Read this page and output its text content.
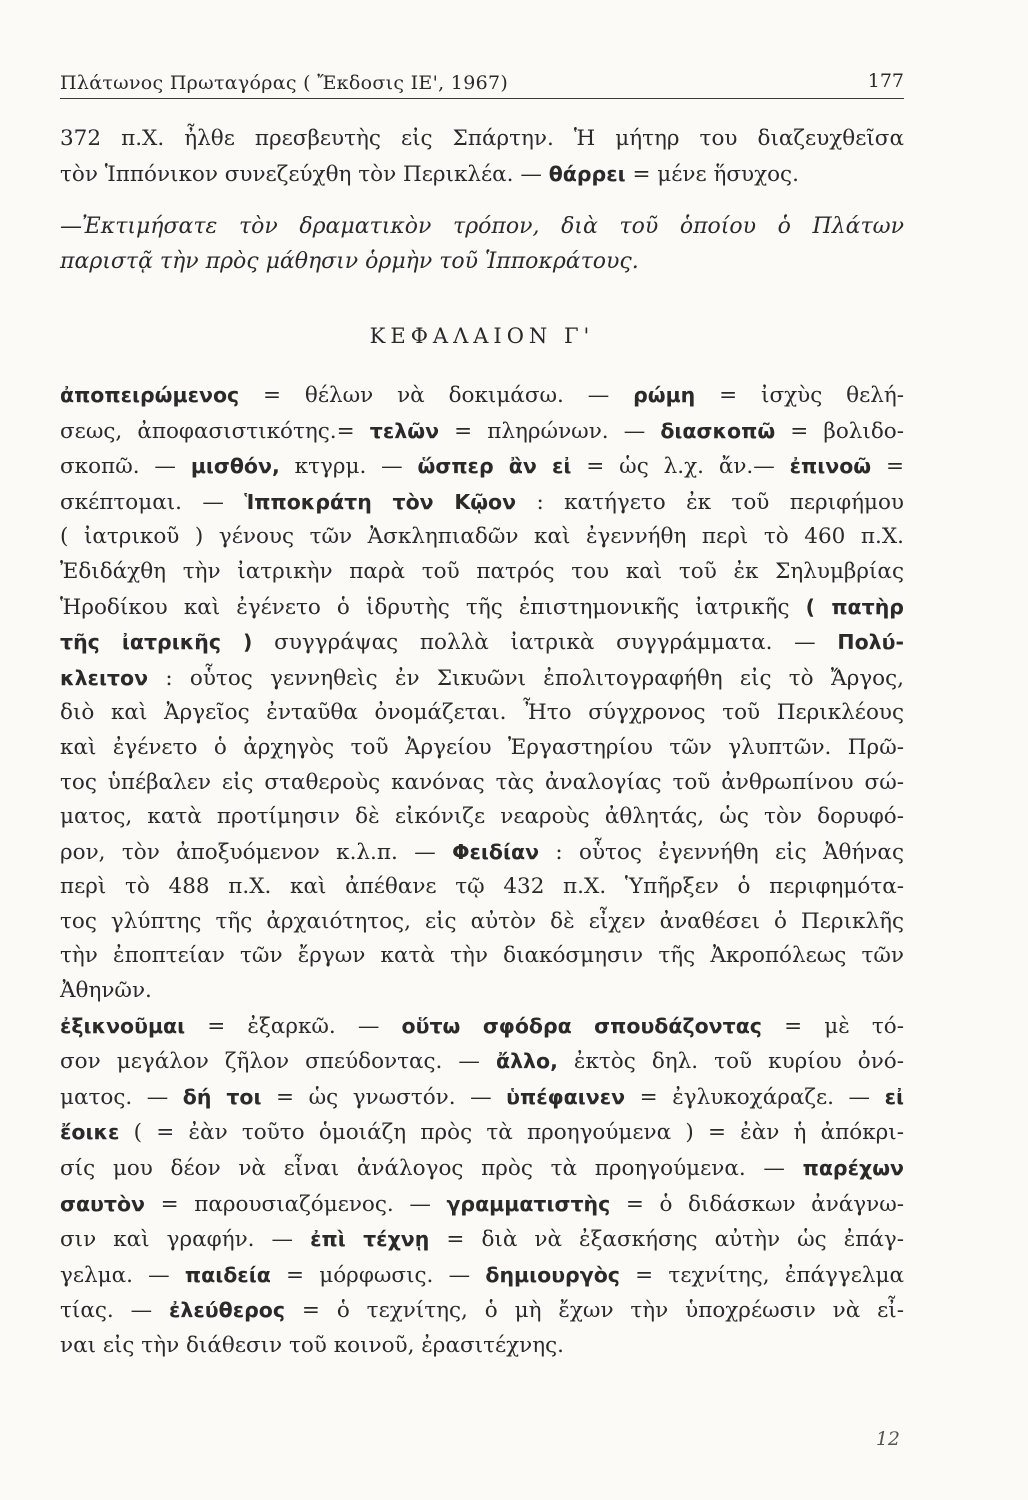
Πλάτωνος Πρωταγόρας ( Ἔκδοσις ΙΕ', 1967)	177

372 π.Χ. ἦλθε πρεσβευτὴς εἰς Σπάρτην. Ἡ μήτηρ του διαζευχθεῖσα

τὸν Ἱππόνικον συνεζεύχθη τὸν Περικλέα. — θάρρει = μένε ἥσυχος.

—Ἐκτιμήσατε τὸν δραματικὸν τρόπον, διὰ τοῦ ὁποίου ὁ Πλάτων

παριστᾷ τὴν πρὸς μάθησιν ὁρμὴν τοῦ Ἱπποκράτους.

ΚΕΦΑΛΑΙΟΝ Γ'

ἀποπειρώμενος = θέλων νὰ δοκιμάσω. — ρώμη = ἰσχὺς θελή-

σεως, ἀποφασιστικότης.= τελῶν = πληρώνων. — διασκοπῶ = βολιδο-

σκοπῶ. — μισθόν, κτγρμ. — ὥσπερ ἂν εἰ = ὡς λ.χ. ἄν.— ἐπινοῶ =

σκέπτομαι. — Ἱπποκράτη τὸν Κῷον : κατήγετο ἐκ τοῦ περιφήμου

( ἰατρικοῦ ) γένους τῶν Ἀσκληπιαδῶν καὶ ἐγεννήθη περὶ τὸ 460 π.Χ.

Ἐδιδάχθη τὴν ἰατρικὴν παρὰ τοῦ πατρός του καὶ τοῦ ἐκ Σηλυμβρίας

Ἡροδίκου καὶ ἐγένετο ὁ ἱδρυτὴς τῆς ἐπιστημονικῆς ἰατρικῆς ( πατὴρ

τῆς ἰατρικῆς ) συγγράψας πολλὰ ἰατρικὰ συγγράμματα. — Πολύ-

κλειτον : οὗτος γεννηθεὶς ἐν Σικυῶνι ἐπολιτογραφήθη εἰς τὸ Ἄργος,

διὸ καὶ Ἀργεῖος ἐνταῦθα ὀνομάζεται. Ἦτο σύγχρονος τοῦ Περικλέους

καὶ ἐγένετο ὁ ἀρχηγὸς τοῦ Ἀργείου Ἐργαστηρίου τῶν γλυπτῶν. Πρῶ-

τος ὑπέβαλεν εἰς σταθεροὺς κανόνας τὰς ἀναλογίας τοῦ ἀνθρωπίνου σώ-

ματος, κατὰ προτίμησιν δὲ εἰκόνιζε νεαροὺς ἀθλητάς, ὡς τὸν δορυφό-

ρον, τὸν ἀποξυόμενον κ.λ.π. — Φειδίαν : οὗτος ἐγεννήθη εἰς Ἀθήνας

περὶ τὸ 488 π.Χ. καὶ ἀπέθανε τῷ 432 π.Χ. Ὑπῆρξεν ὁ περιφημότα-

τος γλύπτης τῆς ἀρχαιότητος, εἰς αὐτὸν δὲ εἶχεν ἀναθέσει ὁ Περικλῆς

τὴν ἐποπτείαν τῶν ἔργων κατὰ τὴν διακόσμησιν τῆς Ἀκροπόλεως τῶν

Ἀθηνῶν.

ἐξικνοῦμαι = ἐξαρκῶ. — οὕτω σφόδρα σπουδάζοντας = μὲ τό-

σον μεγάλον ζῆλον σπεύδοντας. — ἄλλο, ἐκτὸς δηλ. τοῦ κυρίου ὀνό-

ματος. — δή τοι = ὡς γνωστόν. — ὑπέφαινεν = ἐγλυκοχάραζε. — εἰ

ἔοικε ( = ἐὰν τοῦτο ὁμοιάζη πρὸς τὰ προηγούμενα ) = ἐὰν ἡ ἀπόκρι-

σίς μου δέον νὰ εἶναι ἀνάλογος πρὸς τὰ προηγούμενα. — παρέχων

σαυτὸν = παρουσιαζόμενος. — γραμματιστὴς = ὁ διδάσκων ἀνάγνω-

σιν καὶ γραφήν. — ἐπὶ τέχνῃ = διὰ νὰ ἐξασκήσης αὐτὴν ὡς ἐπάγ-

γελμα. — παιδεία = μόρφωσις. — δημιουργὸς = τεχνίτης, ἐπάγγελμα

τίας. — ἐλεύθερος = ὁ τεχνίτης, ὁ μὴ ἔχων τὴν ὑποχρέωσιν νὰ εἶ-

ναι εἰς τὴν διάθεσιν τοῦ κοινοῦ, ἐρασιτέχνης.

12
